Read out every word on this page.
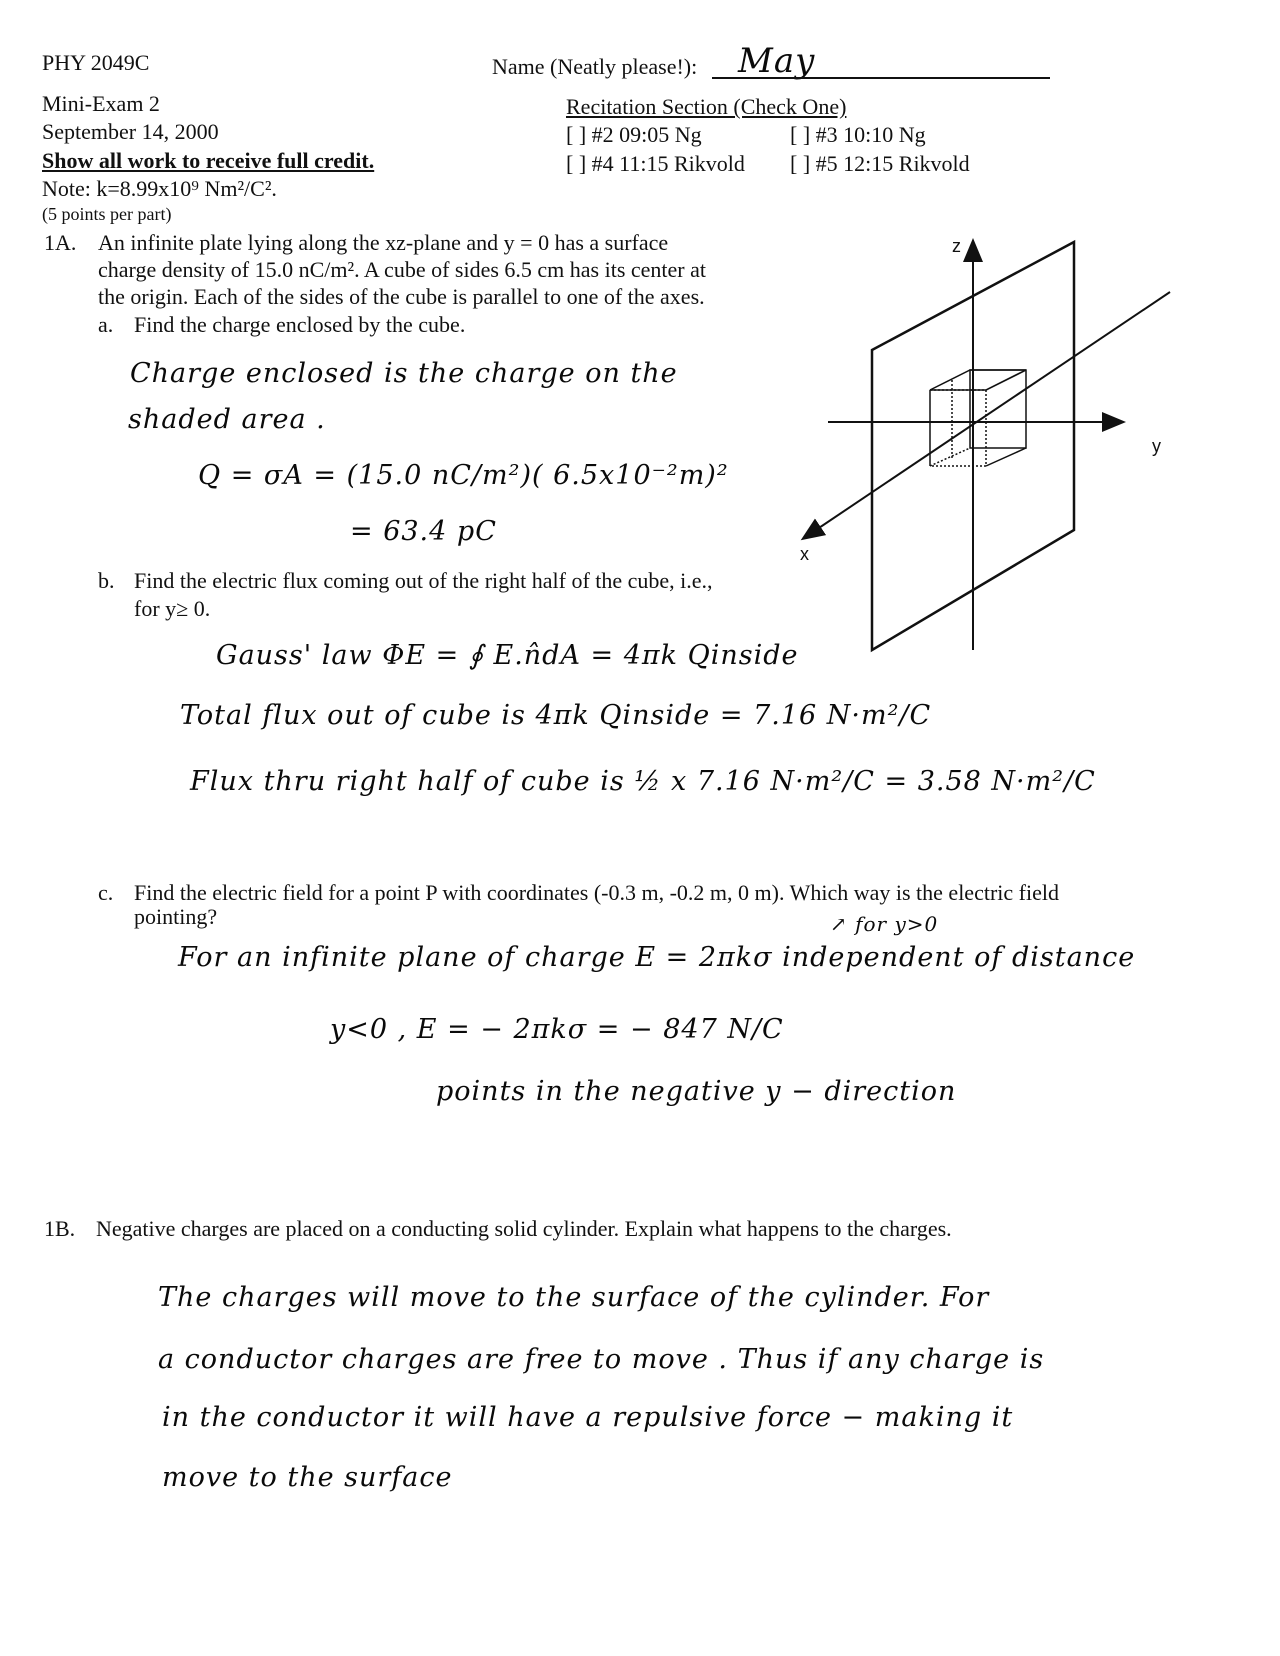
PHY 2049C	Name (Neatly please!): May
Mini-Exam 2
September 14, 2000
Show all work to receive full credit.
Note: k=8.99x10⁹ Nm²/C².
(5 points per part)
Recitation Section (Check One)
[ ] #2 09:05 Ng	[ ] #3 10:10 Ng
[ ] #4 11:15 Rikvold [ ] #5 12:15 Rikvold
1A. An infinite plate lying along the xz-plane and y = 0 has a surface
charge density of 15.0 nC/m². A cube of sides 6.5 cm has its center at
the origin. Each of the sides of the cube is parallel to one of the axes.
a. Find the charge enclosed by the cube.
Charge enclosed is the charge on the
shaded area .
Q = σA = (15.0 nC/m²)( 6.5x10⁻²m)²
= 63.4 pC
b. Find the electric flux coming out of the right half of the cube, i.e.,
for y≥ 0.
Gauss' law ΦE = ∮ E.n̂dA = 4πk Qinside
Total flux out of cube is 4πk Qinside = 7.16 N·m²/C
Flux thru right half of cube is ½ x 7.16 N·m²/C = 3.58 N·m²/C
c. Find the electric field for a point P with coordinates (-0.3 m, -0.2 m, 0 m). Which way is the electric field
pointing?	↗ for y>0
For an infinite plane of charge E = 2πkσ independent of distance
y<0 , E = − 2πkσ = − 847 N/C
points in the negative y − direction
1B. Negative charges are placed on a conducting solid cylinder. Explain what happens to the charges.
The charges will move to the surface of the cylinder. For
a conductor charges are free to move . Thus if any charge is
in the conductor it will have a repulsive force − making it
move to the surface
z
y
x
